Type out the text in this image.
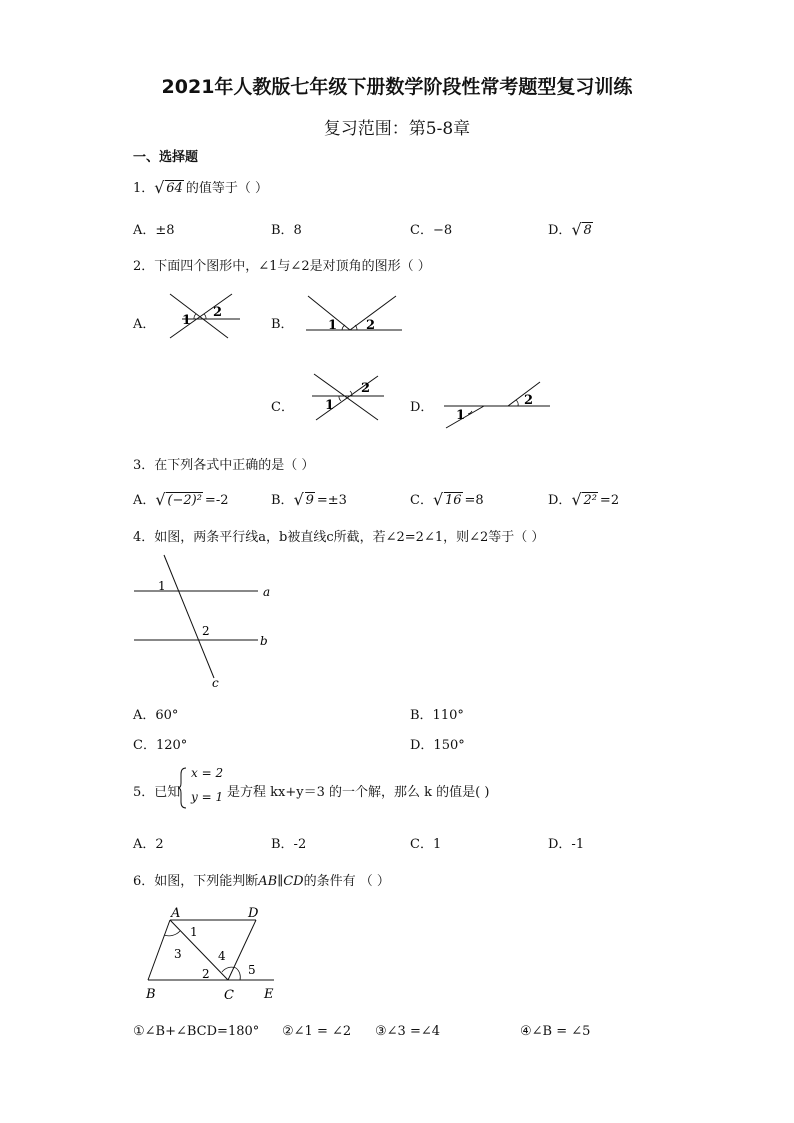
2021年人教版七年级下册数学阶段性常考题型复习训练
复习范围：第5-8章
一、选择题
1． √ 64 的值等于（ ）
A．±8	B．8	C．−8	D． √ 8
2．下面四个图形中，∠1与∠2是对顶角的图形（ ）
A． 1
2
B．	1 2
C． 1
2
D．
1
2
3．在下列各式中正确的是（ ）
A． √ (−2)² =-2	B． √ 9 =±3	C． √ 16 =8	D． √ 2² =2
4．如图，两条平行线a，b被直线c所截，若∠2=2∠1，则∠2等于（ ）
a
b
c
1
2
A．60°	B．110°
C．120°	D．150°
5．已知
x = 2
y = 1 是方程 kx+y＝3 的一个解，那么 k 的值是( )
A．2	B．-2	C．1	D．-1
6．如图，下列能判断AB∥CD的条件有 （ ）
A	D
B	C E
1
3
2
4
5
①∠B+∠BCD=180° ②∠1 = ∠2 ③∠3 =∠4	④∠B = ∠5
